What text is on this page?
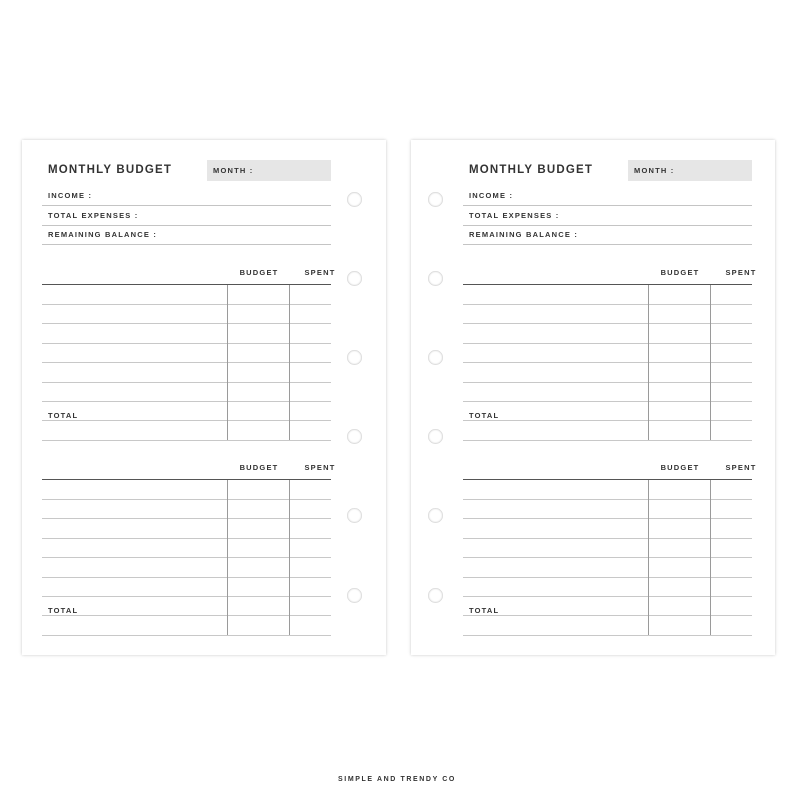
MONTHLY BUDGET	MONTH :
INCOME :
TOTAL EXPENSES :
REMAINING BALANCE :
BUDGET	SPENT
TOTAL
BUDGET	SPENT
TOTAL
MONTHLY BUDGET	MONTH :
INCOME :
TOTAL EXPENSES :
REMAINING BALANCE :
BUDGET	SPENT
TOTAL
BUDGET	SPENT
TOTAL
SIMPLE AND TRENDY CO
